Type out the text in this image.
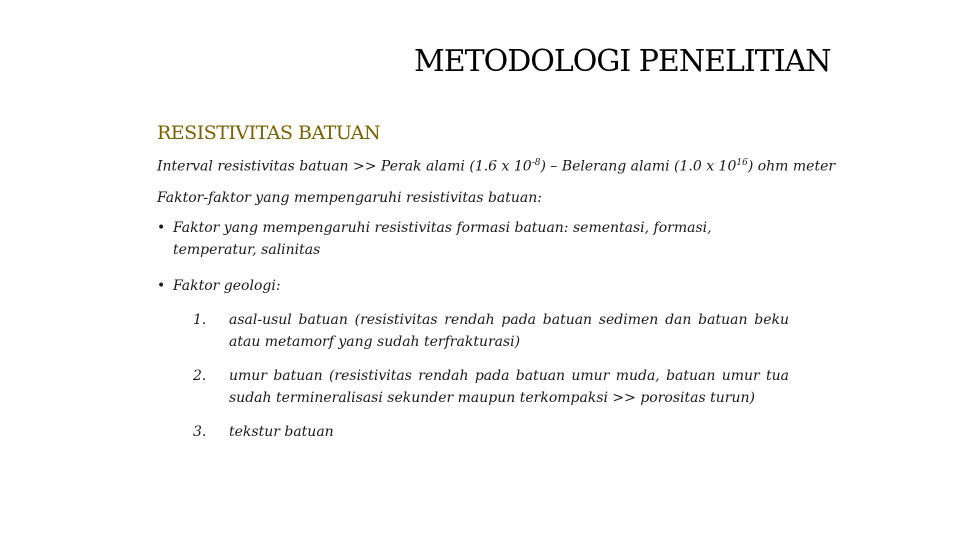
METODOLOGI PENELITIAN
RESISTIVITAS BATUAN

Interval resistivitas batuan >> Perak alami (1.6 x $10^{-8}$) – Belerang alami (1.0 x $10^{16}$) ohm meter

Faktor-faktor yang mempengaruhi resistivitas batuan:

• Faktor yang mempengaruhi resistivitas formasi batuan: sementasi, formasi, temperatur, salinitas
• Faktor geologi:
1. asal-usul batuan (resistivitas rendah pada batuan sedimen dan batuan beku atau metamorf yang sudah terfrakturasi)
2. umur batuan (resistivitas rendah pada batuan umur muda, batuan umur tua sudah termineralisasi sekunder maupun terkompaksi >> porositas turun)
3. tekstur batuan
